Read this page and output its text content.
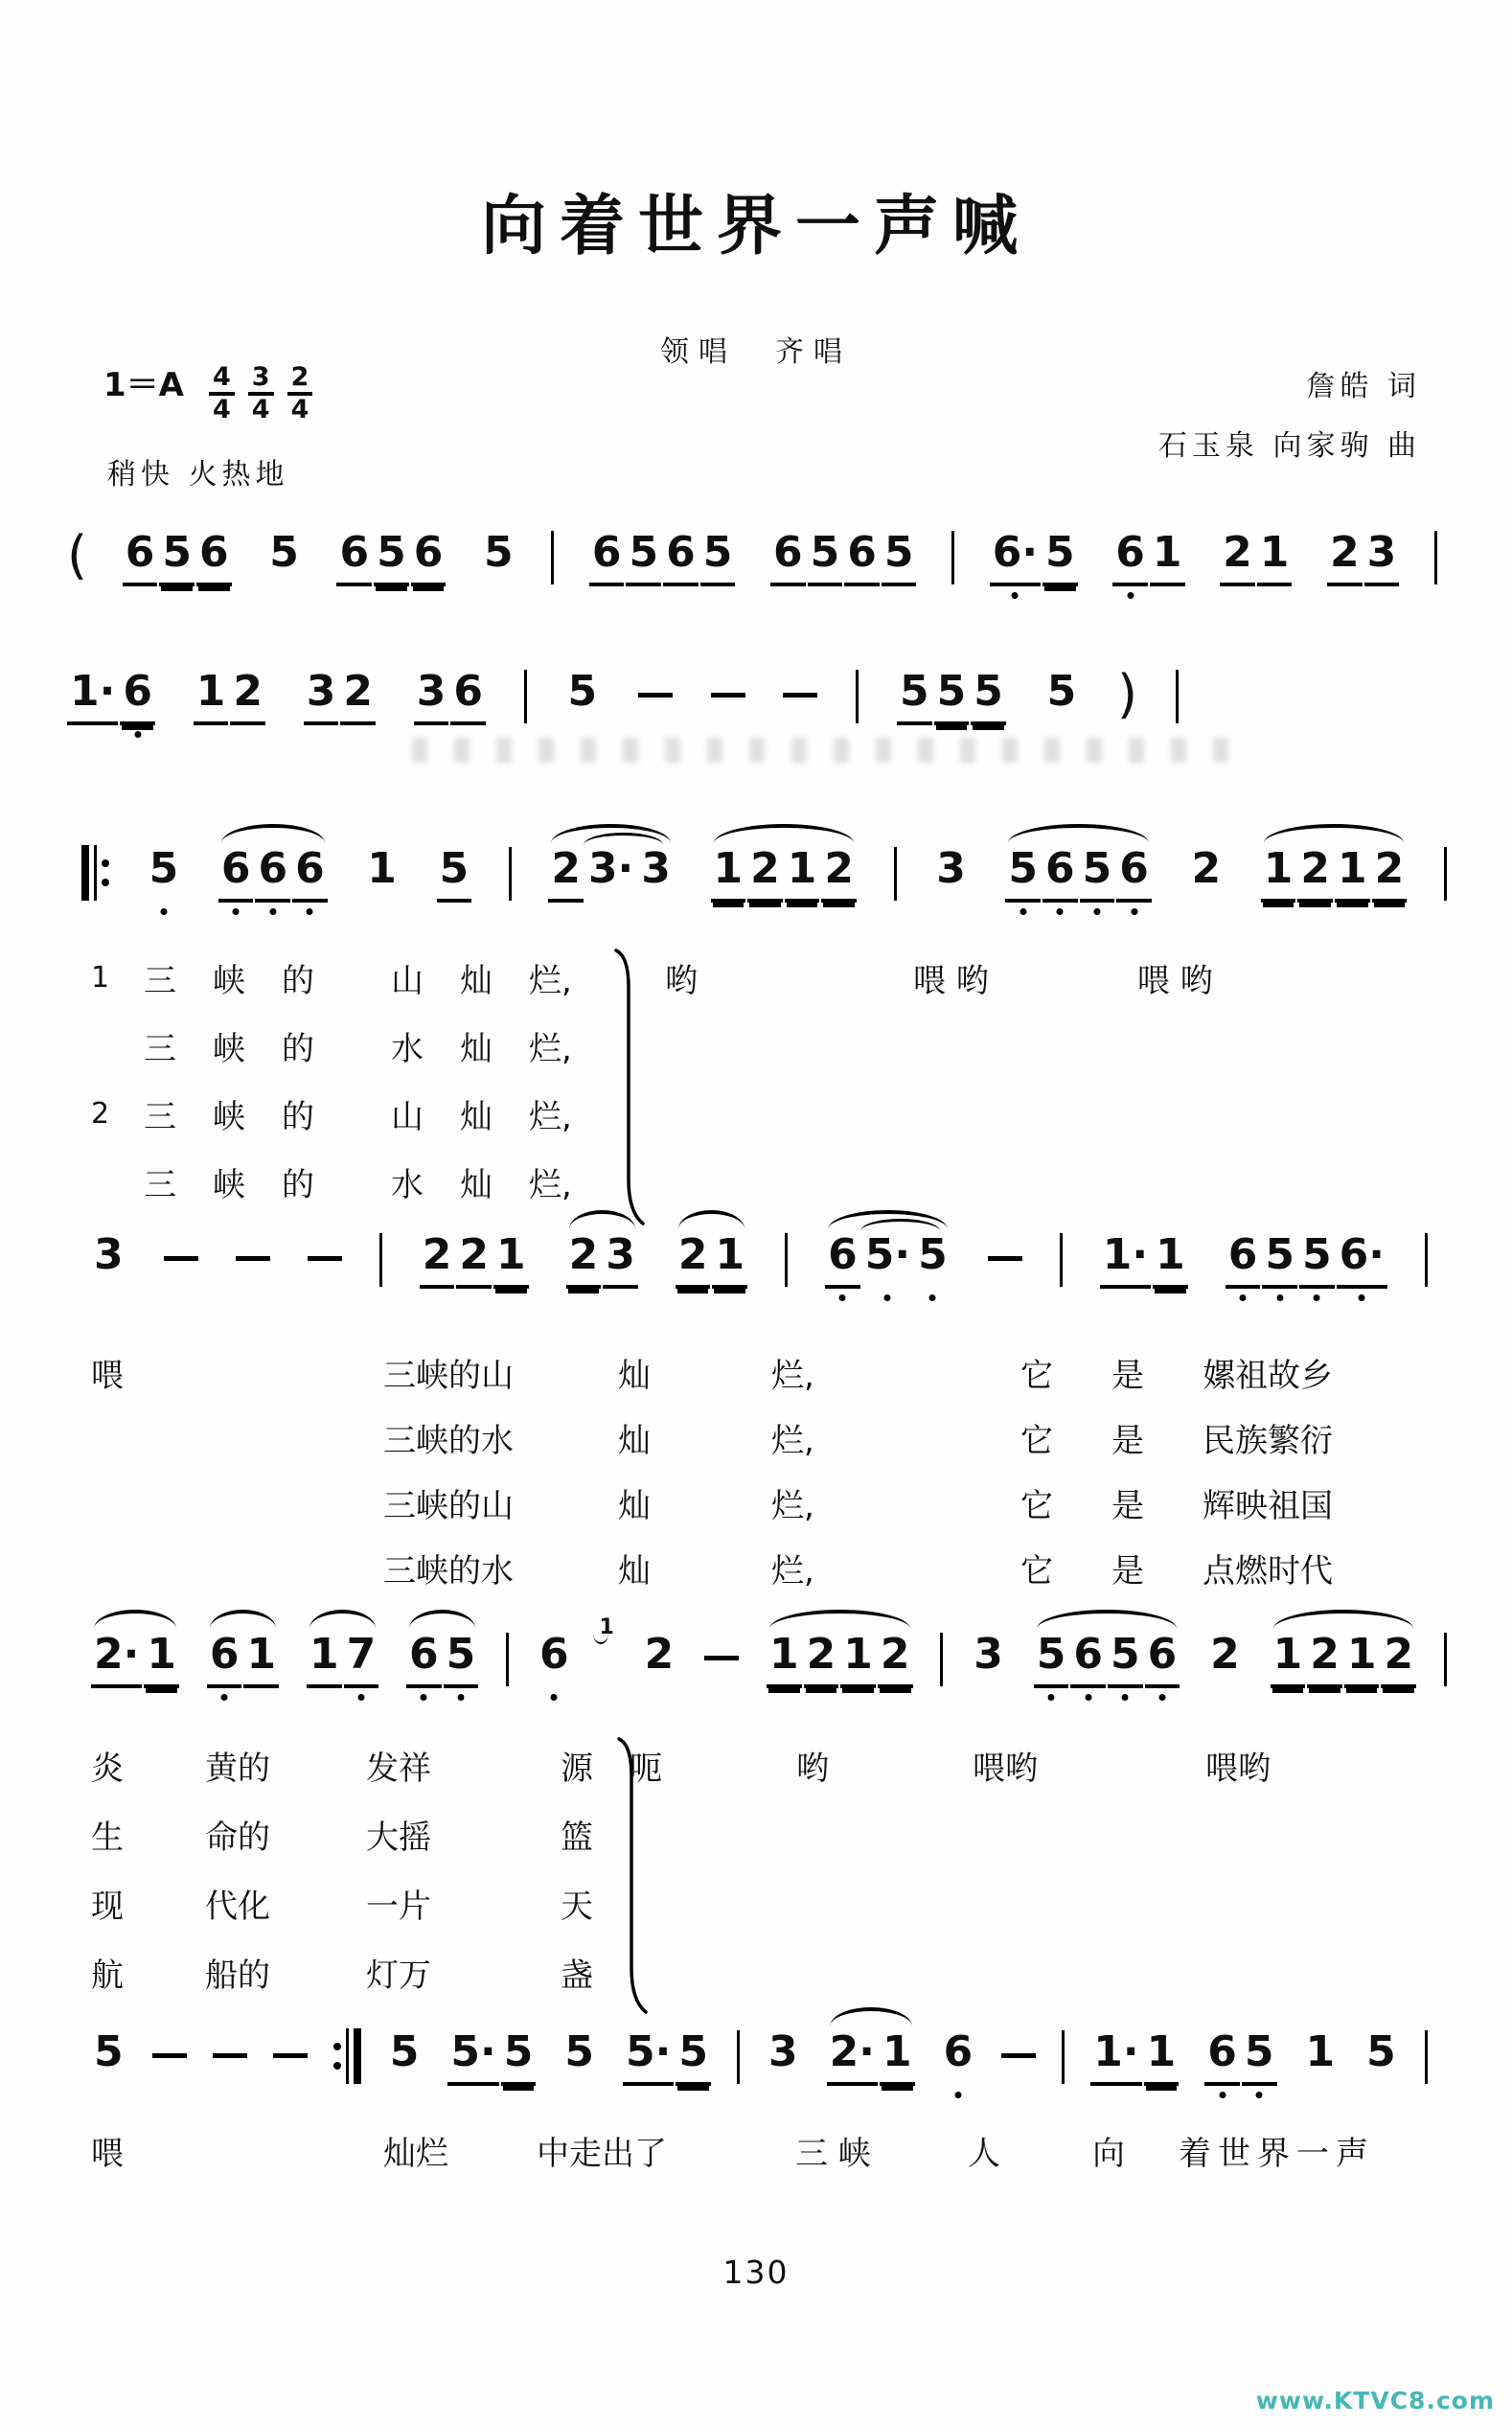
向着世界一声喊
领唱　齐唱
$1=A \frac{4}{4} \frac{3}{4} \frac{2}{4}$	詹皓 词
石玉泉 向家驹 曲
稍快 火热地
( 6 5 6 5 6 5 6 5 6 5 6 5 6 5 6 5 6· 5 6 1 2 1 2 3
1· 6 1 2 3 2 3 6 5	5 5 5 5 )
5 6 6 6 1 5 2 3· 3 1 2 1 2 3 5 6 5 6 2 1 2 1 2
1	三	峡	的	山	灿	烂,	哟	喂 哟	喂 哟
三	峡	的	水	灿	烂,
2	三	峡	的	山	灿	烂,
三	峡	的	水	灿	烂,
3	2 2 1 2 3 2 1 6 5· 5	1· 1 6 5 5 6·
喂	三峡的山	灿	烂,	它	是	嫘祖故乡
三峡的水	灿	烂,	它	是	民族繁衍
三峡的山	灿	烂,	它	是	辉映祖国
三峡的水	灿	烂,	它	是	点燃时代
2· 1 6 1 1 7 6 5 6
1
2 1 2 1 2 3 5 6 5 6 2 1 2 1 2
炎	黄的	发祥	源 呃	哟	喂哟	喂哟
生	命的	大摇	篮
现	代化	一片	天
航	船的	灯万	盏
5	5 5· 5 5 5· 5 3 2· 1 6	1· 1 6 5 1 5
喂	灿烂	中走出了	三 峡	人	向	着世界一声
130
www.KTVC8.com
